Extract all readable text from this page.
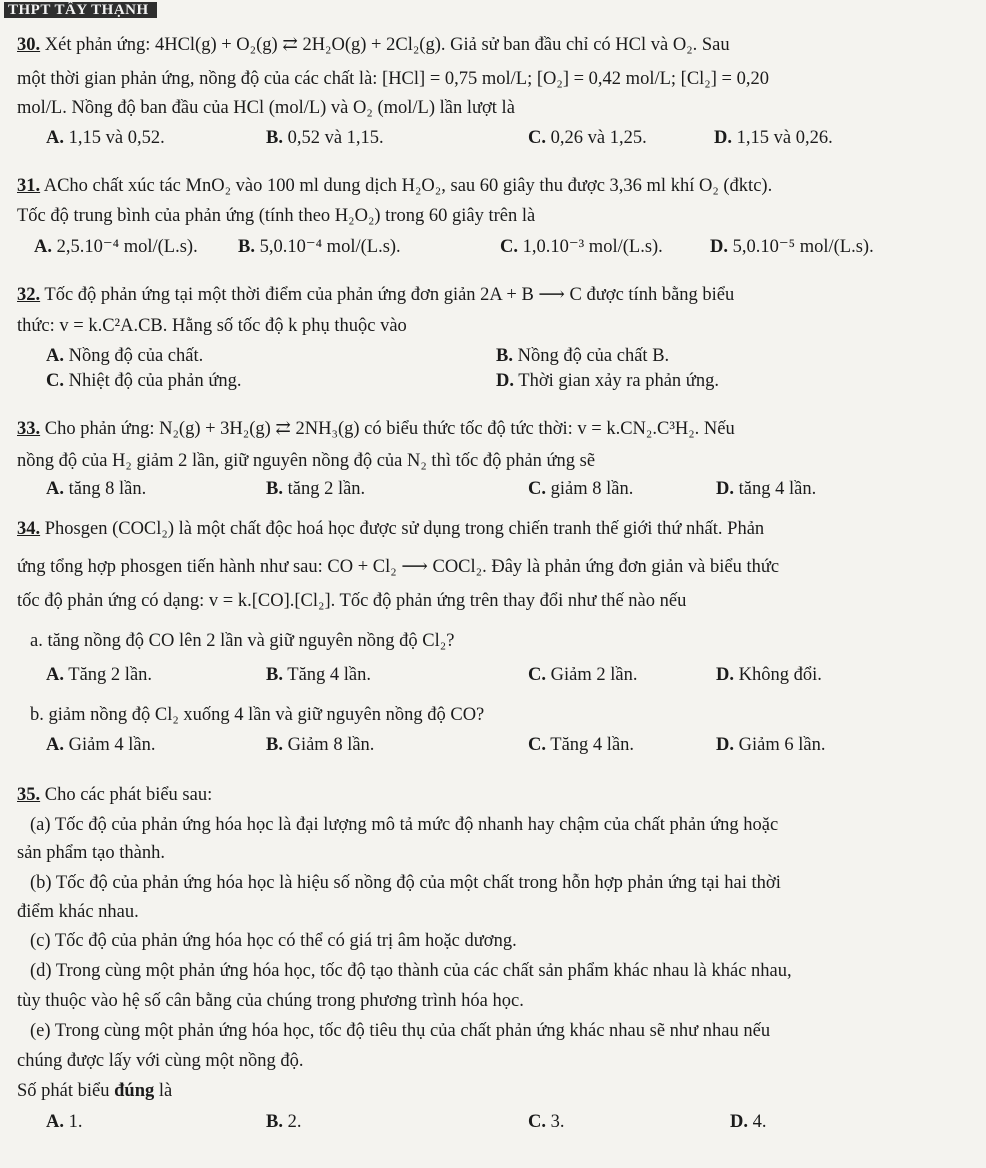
THPT TÂY THẠNH
30. Xét phản ứng: 4HCl(g) + O₂(g) ⇄ 2H₂O(g) + 2Cl₂(g). Giả sử ban đầu chỉ có HCl và O₂. Sau
một thời gian phản ứng, nồng độ của các chất là: [HCl] = 0,75 mol/L; [O₂] = 0,42 mol/L; [Cl₂] = 0,20
mol/L. Nồng độ ban đầu của HCl (mol/L) và O₂ (mol/L) lần lượt là
A. 1,15 và 0,52.	B. 0,52 và 1,15.	C. 0,26 và 1,25.	D. 1,15 và 0,26.
31. ACho chất xúc tác MnO₂ vào 100 ml dung dịch H₂O₂, sau 60 giây thu được 3,36 ml khí O₂ (đktc).
Tốc độ trung bình của phản ứng (tính theo H₂O₂) trong 60 giây trên là
A. 2,5.10⁻⁴ mol/(L.s). B. 5,0.10⁻⁴ mol/(L.s).	C. 1,0.10⁻³ mol/(L.s).	D. 5,0.10⁻⁵ mol/(L.s).
32. Tốc độ phản ứng tại một thời điểm của phản ứng đơn giản 2A + B ⟶ C được tính bằng biểu
thức: v = k.C²A.CB. Hằng số tốc độ k phụ thuộc vào
A. Nồng độ của chất.	B. Nồng độ của chất B.
C. Nhiệt độ của phản ứng.	D. Thời gian xảy ra phản ứng.
33. Cho phản ứng: N₂(g) + 3H₂(g) ⇄ 2NH₃(g) có biểu thức tốc độ tức thời: v = k.CN₂.C³H₂. Nếu
nồng độ của H₂ giảm 2 lần, giữ nguyên nồng độ của N₂ thì tốc độ phản ứng sẽ
A. tăng 8 lần.	B. tăng 2 lần.	C. giảm 8 lần.	D. tăng 4 lần.
34. Phosgen (COCl₂) là một chất độc hoá học được sử dụng trong chiến tranh thế giới thứ nhất. Phản
ứng tổng hợp phosgen tiến hành như sau: CO + Cl₂ ⟶ COCl₂. Đây là phản ứng đơn giản và biểu thức
tốc độ phản ứng có dạng: v = k.[CO].[Cl₂]. Tốc độ phản ứng trên thay đổi như thế nào nếu
a. tăng nồng độ CO lên 2 lần và giữ nguyên nồng độ Cl₂?
A. Tăng 2 lần.	B. Tăng 4 lần.	C. Giảm 2 lần.	D. Không đổi.
b. giảm nồng độ Cl₂ xuống 4 lần và giữ nguyên nồng độ CO?
A. Giảm 4 lần.	B. Giảm 8 lần.	C. Tăng 4 lần.	D. Giảm 6 lần.
35. Cho các phát biểu sau:
(a) Tốc độ của phản ứng hóa học là đại lượng mô tả mức độ nhanh hay chậm của chất phản ứng hoặc
sản phẩm tạo thành.
(b) Tốc độ của phản ứng hóa học là hiệu số nồng độ của một chất trong hỗn hợp phản ứng tại hai thời
điểm khác nhau.
(c) Tốc độ của phản ứng hóa học có thể có giá trị âm hoặc dương.
(d) Trong cùng một phản ứng hóa học, tốc độ tạo thành của các chất sản phẩm khác nhau là khác nhau,
tùy thuộc vào hệ số cân bằng của chúng trong phương trình hóa học.
(e) Trong cùng một phản ứng hóa học, tốc độ tiêu thụ của chất phản ứng khác nhau sẽ như nhau nếu
chúng được lấy với cùng một nồng độ.
Số phát biểu đúng là
A. 1.	B. 2.	C. 3.	D. 4.
